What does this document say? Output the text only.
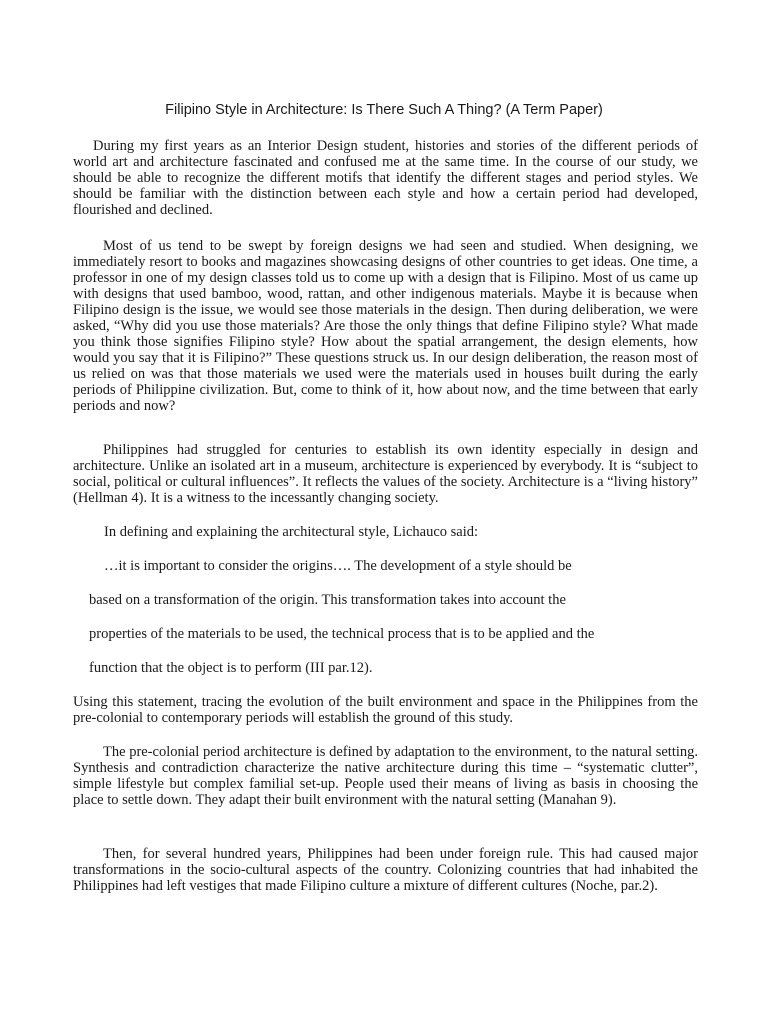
Filipino Style in Architecture: Is There Such A Thing? (A Term Paper)

During my first years as an Interior Design student, histories and stories of the different periods of world art and architecture fascinated and confused me at the same time. In the course of our study, we should be able to recognize the different motifs that identify the different stages and period styles. We should be familiar with the distinction between each style and how a certain period had developed, flourished and declined.

Most of us tend to be swept by foreign designs we had seen and studied. When designing, we immediately resort to books and magazines showcasing designs of other countries to get ideas. One time, a professor in one of my design classes told us to come up with a design that is Filipino. Most of us came up with designs that used bamboo, wood, rattan, and other indigenous materials. Maybe it is because when Filipino design is the issue, we would see those materials in the design. Then during deliberation, we were asked, “Why did you use those materials? Are those the only things that define Filipino style? What made you think those signifies Filipino style? How about the spatial arrangement, the design elements, how would you say that it is Filipino?” These questions struck us. In our design deliberation, the reason most of us relied on was that those materials we used were the materials used in houses built during the early periods of Philippine civilization. But, come to think of it, how about now, and the time between that early periods and now?

Philippines had struggled for centuries to establish its own identity especially in design and architecture. Unlike an isolated art in a museum, architecture is experienced by everybody. It is “subject to social, political or cultural influences”. It reflects the values of the society. Architecture is a “living history” (Hellman 4). It is a witness to the incessantly changing society.

In defining and explaining the architectural style, Lichauco said:

…it is important to consider the origins…. The development of a style should be

based on a transformation of the origin. This transformation takes into account the

properties of the materials to be used, the technical process that is to be applied and the

function that the object is to perform (III par.12).

Using this statement, tracing the evolution of the built environment and space in the Philippines from the pre-colonial to contemporary periods will establish the ground of this study.

The pre-colonial period architecture is defined by adaptation to the environment, to the natural setting. Synthesis and contradiction characterize the native architecture during this time – “systematic clutter”, simple lifestyle but complex familial set-up. People used their means of living as basis in choosing the place to settle down. They adapt their built environment with the natural setting (Manahan 9).

Then, for several hundred years, Philippines had been under foreign rule. This had caused major transformations in the socio-cultural aspects of the country. Colonizing countries that had inhabited the Philippines had left vestiges that made Filipino culture a mixture of different cultures (Noche, par.2).
